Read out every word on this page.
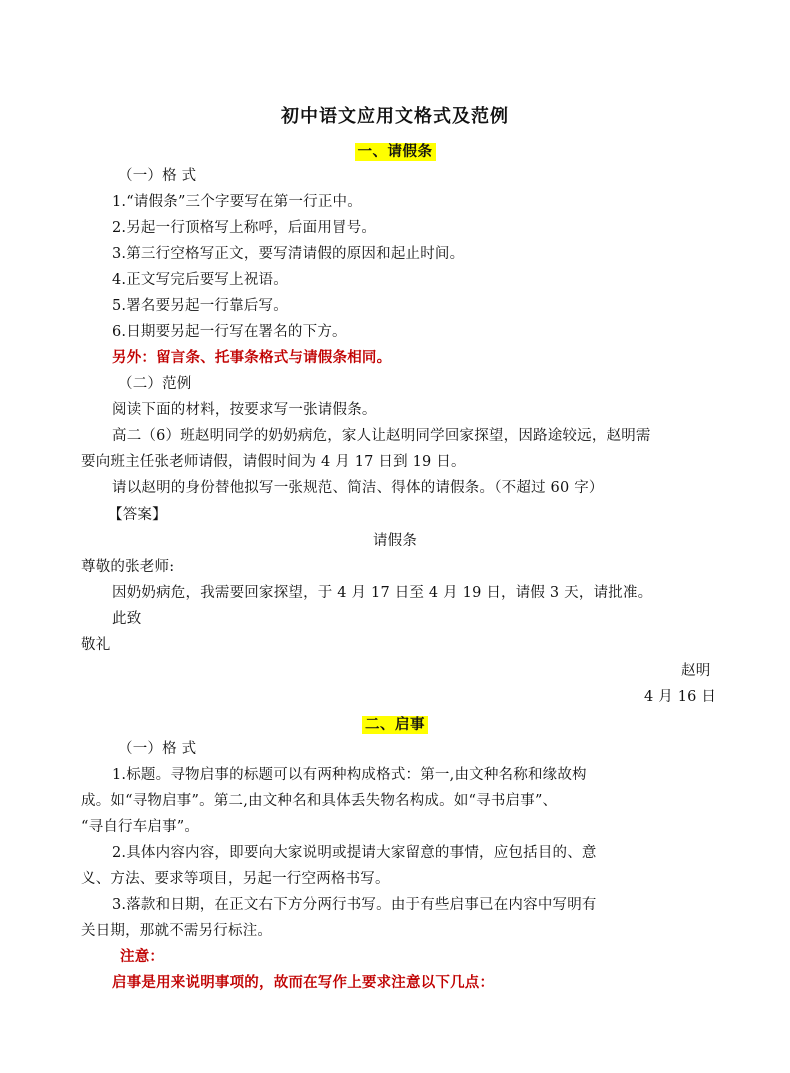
初中语文应用文格式及范例
一、请假条
（一）格 式
1.“请假条”三个字要写在第一行正中。
2.另起一行顶格写上称呼，后面用冒号。
3.第三行空格写正文，要写清请假的原因和起止时间。
4.正文写完后要写上祝语。
5.署名要另起一行靠后写。
6.日期要另起一行写在署名的下方。
另外：留言条、托事条格式与请假条相同。
（二）范例
阅读下面的材料，按要求写一张请假条。
高二（6）班赵明同学的奶奶病危，家人让赵明同学回家探望，因路途较远，赵明需
要向班主任张老师请假，请假时间为 4 月 17 日到 19 日。
请以赵明的身份替他拟写一张规范、简洁、得体的请假条。（不超过 60 字）
【答案】
请假条
尊敬的张老师:
因奶奶病危，我需要回家探望，于 4 月 17 日至 4 月 19 日，请假 3 天，请批准。
此致
敬礼
赵明
4 月 16 日
二、启事
（一）格 式
1.标题。寻物启事的标题可以有两种构成格式：第一,由文种名称和缘故构
成。如“寻物启事”。第二,由文种名和具体丢失物名构成。如“寻书启事”、
“寻自行车启事”。
2.具体内容内容，即要向大家说明或提请大家留意的事情，应包括目的、意
义、方法、要求等项目，另起一行空两格书写。
3.落款和日期，在正文右下方分两行书写。由于有些启事已在内容中写明有
关日期，那就不需另行标注。
注意：
启事是用来说明事项的，故而在写作上要求注意以下几点：
